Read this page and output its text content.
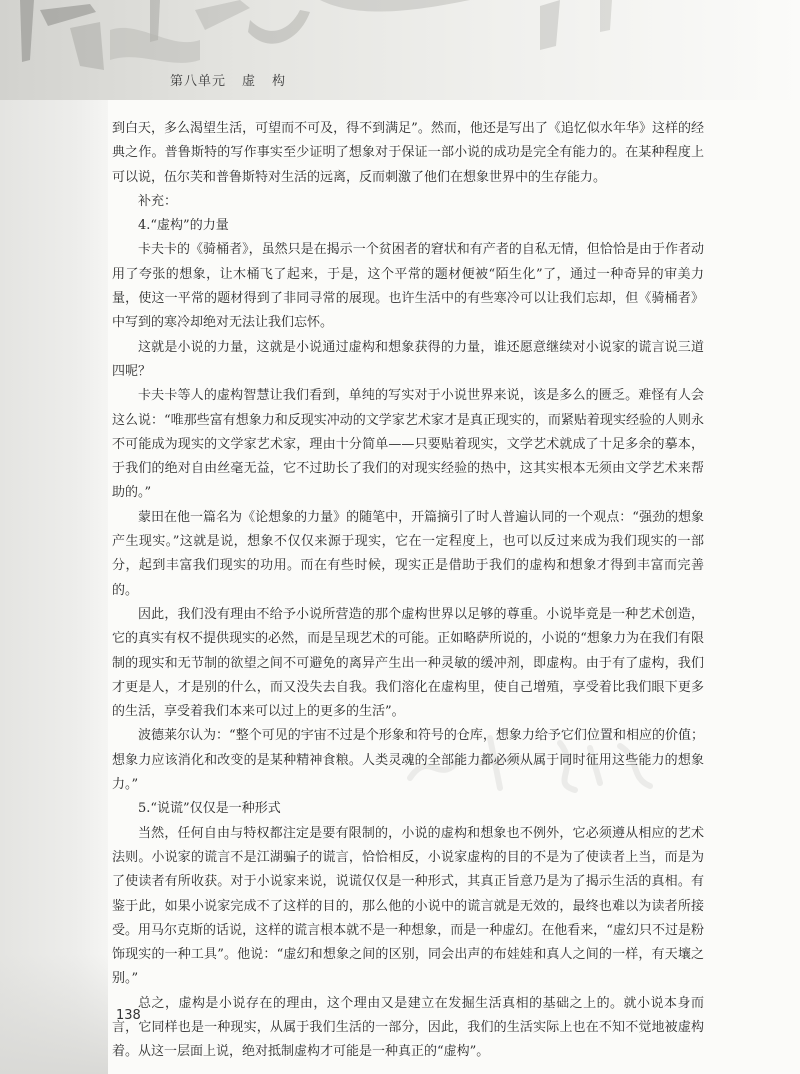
第八单元 虚 构

到白天，多么渴望生活，可望而不可及，得不到满足”。然而，他还是写出了《追忆似水年华》这样的经典之作。普鲁斯特的写作事实至少证明了想象对于保证一部小说的成功是完全有能力的。在某种程度上可以说，伍尔芙和普鲁斯特对生活的远离，反而刺激了他们在想象世界中的生存能力。

补充：

4.“虚构”的力量

卡夫卡的《骑桶者》，虽然只是在揭示一个贫困者的窘状和有产者的自私无情，但恰恰是由于作者动用了夸张的想象，让木桶飞了起来，于是，这个平常的题材便被“陌生化”了，通过一种奇异的审美力量，使这一平常的题材得到了非同寻常的展现。也许生活中的有些寒冷可以让我们忘却，但《骑桶者》中写到的寒冷却绝对无法让我们忘怀。

这就是小说的力量，这就是小说通过虚构和想象获得的力量，谁还愿意继续对小说家的谎言说三道四呢？

卡夫卡等人的虚构智慧让我们看到，单纯的写实对于小说世界来说，该是多么的匮乏。难怪有人会这么说：“唯那些富有想象力和反现实冲动的文学家艺术家才是真正现实的，而紧贴着现实经验的人则永不可能成为现实的文学家艺术家，理由十分简单——只要贴着现实，文学艺术就成了十足多余的摹本，于我们的绝对自由丝毫无益，它不过助长了我们的对现实经验的热中，这其实根本无须由文学艺术来帮助的。”

蒙田在他一篇名为《论想象的力量》的随笔中，开篇摘引了时人普遍认同的一个观点：“强劲的想象产生现实。”这就是说，想象不仅仅来源于现实，它在一定程度上，也可以反过来成为我们现实的一部分，起到丰富我们现实的功用。而在有些时候，现实正是借助于我们的虚构和想象才得到丰富而完善的。

因此，我们没有理由不给予小说所营造的那个虚构世界以足够的尊重。小说毕竟是一种艺术创造，它的真实有权不提供现实的必然，而是呈现艺术的可能。正如略萨所说的，小说的“想象力为在我们有限制的现实和无节制的欲望之间不可避免的离异产生出一种灵敏的缓冲剂，即虚构。由于有了虚构，我们才更是人，才是别的什么，而又没失去自我。我们溶化在虚构里，使自己增殖，享受着比我们眼下更多的生活，享受着我们本来可以过上的更多的生活”。

波德莱尔认为：“整个可见的宇宙不过是个形象和符号的仓库，想象力给予它们位置和相应的价值；想象力应该消化和改变的是某种精神食粮。人类灵魂的全部能力都必须从属于同时征用这些能力的想象力。”

5.“说谎”仅仅是一种形式

当然，任何自由与特权都注定是要有限制的，小说的虚构和想象也不例外，它必须遵从相应的艺术法则。小说家的谎言不是江湖骗子的谎言，恰恰相反，小说家虚构的目的不是为了使读者上当，而是为了使读者有所收获。对于小说家来说，说谎仅仅是一种形式，其真正旨意乃是为了揭示生活的真相。有鉴于此，如果小说家完成不了这样的目的，那么他的小说中的谎言就是无效的，最终也难以为读者所接受。用马尔克斯的话说，这样的谎言根本就不是一种想象，而是一种虚幻。在他看来，“虚幻只不过是粉饰现实的一种工具”。他说：“虚幻和想象之间的区别，同会出声的布娃娃和真人之间的一样，有天壤之别。”

总之，虚构是小说存在的理由，这个理由又是建立在发掘生活真相的基础之上的。就小说本身而言，它同样也是一种现实，从属于我们生活的一部分，因此，我们的生活实际上也在不知不觉地被虚构着。从这一层面上说，绝对抵制虚构才可能是一种真正的“虚构”。

138
